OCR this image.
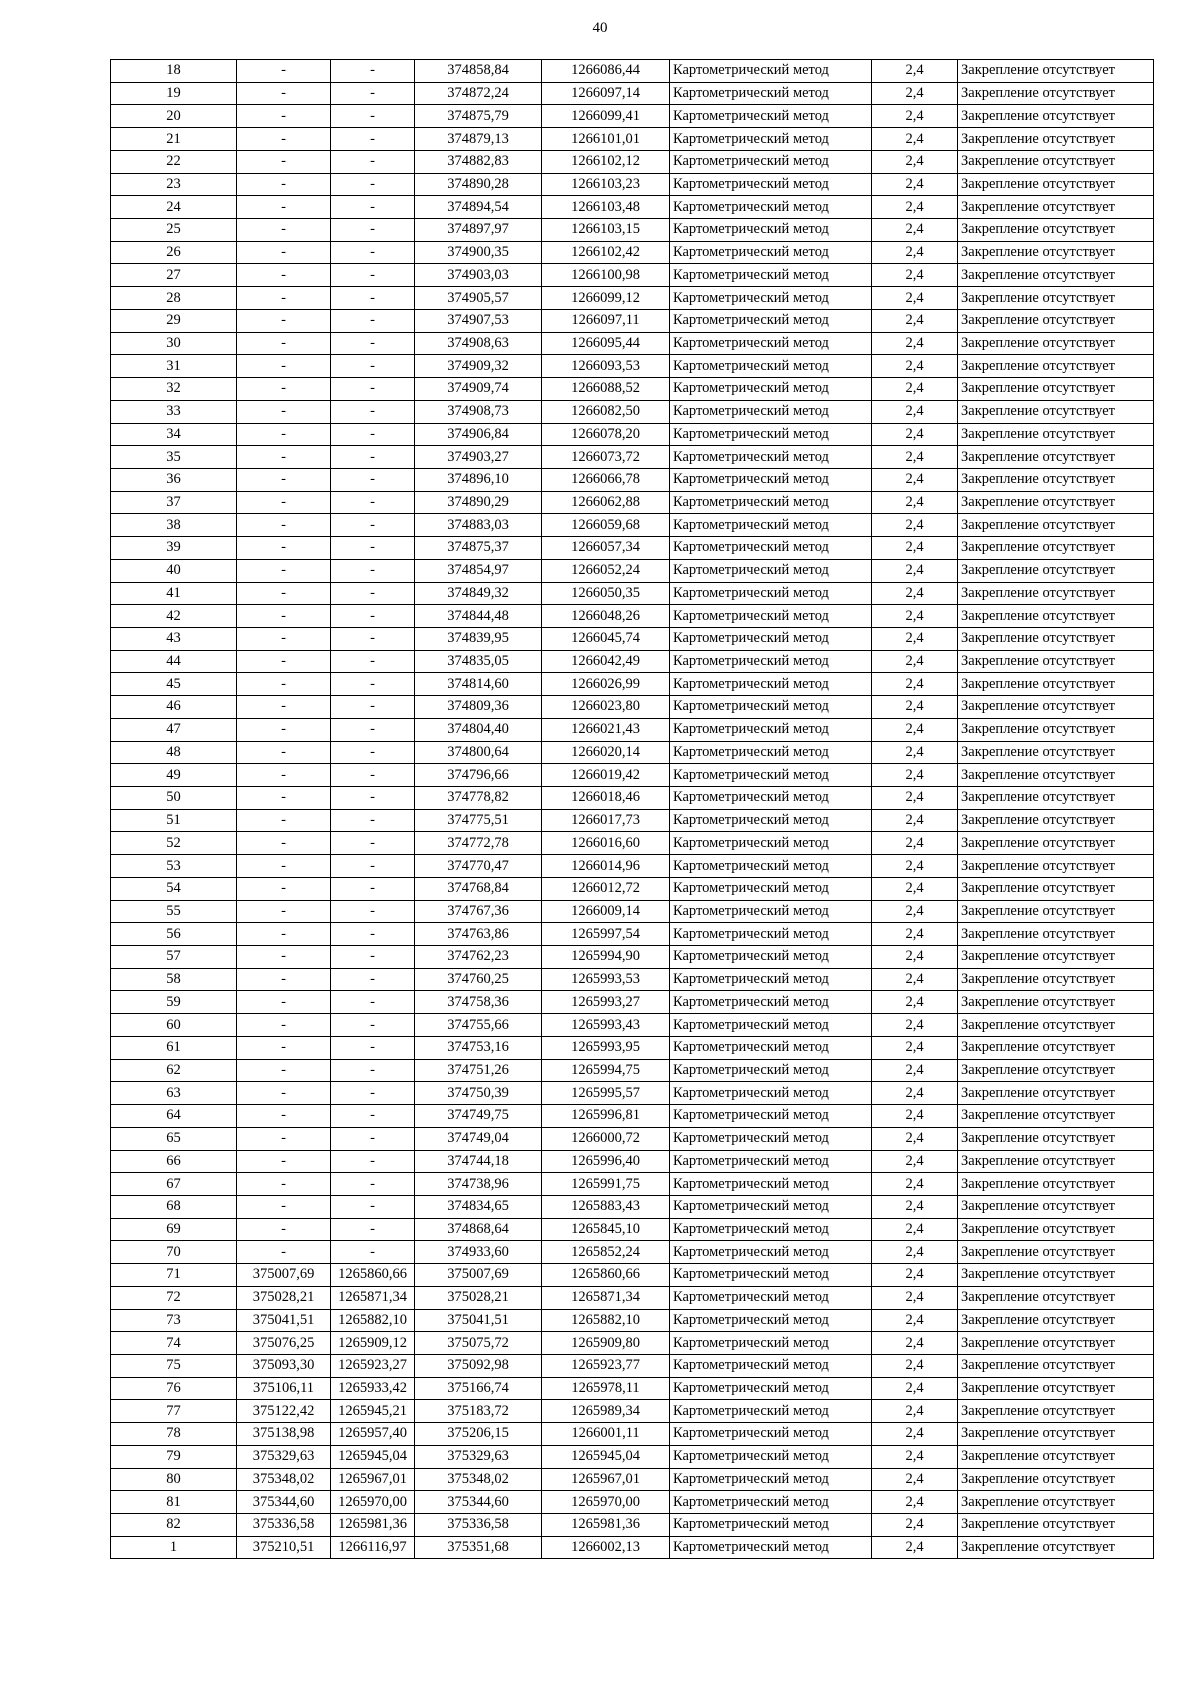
40
18	-	-	374858,84	1266086,44	Картометрический метод	2,4	Закрепление отсутствует
19	-	-	374872,24	1266097,14	Картометрический метод	2,4	Закрепление отсутствует
20	-	-	374875,79	1266099,41	Картометрический метод	2,4	Закрепление отсутствует
21	-	-	374879,13	1266101,01	Картометрический метод	2,4	Закрепление отсутствует
22	-	-	374882,83	1266102,12	Картометрический метод	2,4	Закрепление отсутствует
23	-	-	374890,28	1266103,23	Картометрический метод	2,4	Закрепление отсутствует
24	-	-	374894,54	1266103,48	Картометрический метод	2,4	Закрепление отсутствует
25	-	-	374897,97	1266103,15	Картометрический метод	2,4	Закрепление отсутствует
26	-	-	374900,35	1266102,42	Картометрический метод	2,4	Закрепление отсутствует
27	-	-	374903,03	1266100,98	Картометрический метод	2,4	Закрепление отсутствует
28	-	-	374905,57	1266099,12	Картометрический метод	2,4	Закрепление отсутствует
29	-	-	374907,53	1266097,11	Картометрический метод	2,4	Закрепление отсутствует
30	-	-	374908,63	1266095,44	Картометрический метод	2,4	Закрепление отсутствует
31	-	-	374909,32	1266093,53	Картометрический метод	2,4	Закрепление отсутствует
32	-	-	374909,74	1266088,52	Картометрический метод	2,4	Закрепление отсутствует
33	-	-	374908,73	1266082,50	Картометрический метод	2,4	Закрепление отсутствует
34	-	-	374906,84	1266078,20	Картометрический метод	2,4	Закрепление отсутствует
35	-	-	374903,27	1266073,72	Картометрический метод	2,4	Закрепление отсутствует
36	-	-	374896,10	1266066,78	Картометрический метод	2,4	Закрепление отсутствует
37	-	-	374890,29	1266062,88	Картометрический метод	2,4	Закрепление отсутствует
38	-	-	374883,03	1266059,68	Картометрический метод	2,4	Закрепление отсутствует
39	-	-	374875,37	1266057,34	Картометрический метод	2,4	Закрепление отсутствует
40	-	-	374854,97	1266052,24	Картометрический метод	2,4	Закрепление отсутствует
41	-	-	374849,32	1266050,35	Картометрический метод	2,4	Закрепление отсутствует
42	-	-	374844,48	1266048,26	Картометрический метод	2,4	Закрепление отсутствует
43	-	-	374839,95	1266045,74	Картометрический метод	2,4	Закрепление отсутствует
44	-	-	374835,05	1266042,49	Картометрический метод	2,4	Закрепление отсутствует
45	-	-	374814,60	1266026,99	Картометрический метод	2,4	Закрепление отсутствует
46	-	-	374809,36	1266023,80	Картометрический метод	2,4	Закрепление отсутствует
47	-	-	374804,40	1266021,43	Картометрический метод	2,4	Закрепление отсутствует
48	-	-	374800,64	1266020,14	Картометрический метод	2,4	Закрепление отсутствует
49	-	-	374796,66	1266019,42	Картометрический метод	2,4	Закрепление отсутствует
50	-	-	374778,82	1266018,46	Картометрический метод	2,4	Закрепление отсутствует
51	-	-	374775,51	1266017,73	Картометрический метод	2,4	Закрепление отсутствует
52	-	-	374772,78	1266016,60	Картометрический метод	2,4	Закрепление отсутствует
53	-	-	374770,47	1266014,96	Картометрический метод	2,4	Закрепление отсутствует
54	-	-	374768,84	1266012,72	Картометрический метод	2,4	Закрепление отсутствует
55	-	-	374767,36	1266009,14	Картометрический метод	2,4	Закрепление отсутствует
56	-	-	374763,86	1265997,54	Картометрический метод	2,4	Закрепление отсутствует
57	-	-	374762,23	1265994,90	Картометрический метод	2,4	Закрепление отсутствует
58	-	-	374760,25	1265993,53	Картометрический метод	2,4	Закрепление отсутствует
59	-	-	374758,36	1265993,27	Картометрический метод	2,4	Закрепление отсутствует
60	-	-	374755,66	1265993,43	Картометрический метод	2,4	Закрепление отсутствует
61	-	-	374753,16	1265993,95	Картометрический метод	2,4	Закрепление отсутствует
62	-	-	374751,26	1265994,75	Картометрический метод	2,4	Закрепление отсутствует
63	-	-	374750,39	1265995,57	Картометрический метод	2,4	Закрепление отсутствует
64	-	-	374749,75	1265996,81	Картометрический метод	2,4	Закрепление отсутствует
65	-	-	374749,04	1266000,72	Картометрический метод	2,4	Закрепление отсутствует
66	-	-	374744,18	1265996,40	Картометрический метод	2,4	Закрепление отсутствует
67	-	-	374738,96	1265991,75	Картометрический метод	2,4	Закрепление отсутствует
68	-	-	374834,65	1265883,43	Картометрический метод	2,4	Закрепление отсутствует
69	-	-	374868,64	1265845,10	Картометрический метод	2,4	Закрепление отсутствует
70	-	-	374933,60	1265852,24	Картометрический метод	2,4	Закрепление отсутствует
71	375007,69	1265860,66	375007,69	1265860,66	Картометрический метод	2,4	Закрепление отсутствует
72	375028,21	1265871,34	375028,21	1265871,34	Картометрический метод	2,4	Закрепление отсутствует
73	375041,51	1265882,10	375041,51	1265882,10	Картометрический метод	2,4	Закрепление отсутствует
74	375076,25	1265909,12	375075,72	1265909,80	Картометрический метод	2,4	Закрепление отсутствует
75	375093,30	1265923,27	375092,98	1265923,77	Картометрический метод	2,4	Закрепление отсутствует
76	375106,11	1265933,42	375166,74	1265978,11	Картометрический метод	2,4	Закрепление отсутствует
77	375122,42	1265945,21	375183,72	1265989,34	Картометрический метод	2,4	Закрепление отсутствует
78	375138,98	1265957,40	375206,15	1266001,11	Картометрический метод	2,4	Закрепление отсутствует
79	375329,63	1265945,04	375329,63	1265945,04	Картометрический метод	2,4	Закрепление отсутствует
80	375348,02	1265967,01	375348,02	1265967,01	Картометрический метод	2,4	Закрепление отсутствует
81	375344,60	1265970,00	375344,60	1265970,00	Картометрический метод	2,4	Закрепление отсутствует
82	375336,58	1265981,36	375336,58	1265981,36	Картометрический метод	2,4	Закрепление отсутствует
1	375210,51	1266116,97	375351,68	1266002,13	Картометрический метод	2,4	Закрепление отсутствует
